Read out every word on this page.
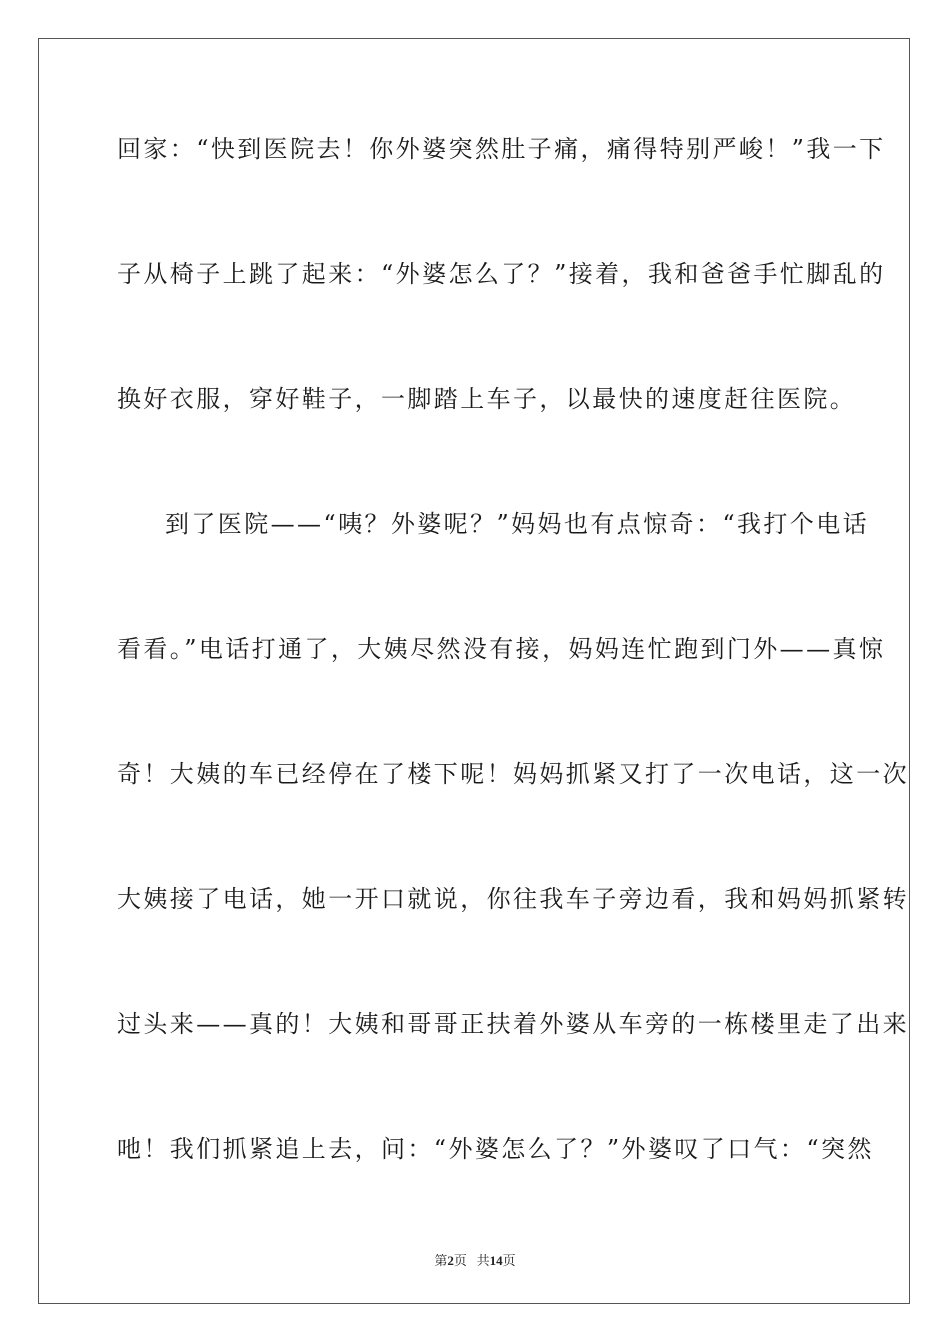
回家：“快到医院去！你外婆突然肚子痛，痛得特别严峻！”我一下
子从椅子上跳了起来：“外婆怎么了？”接着，我和爸爸手忙脚乱的
换好衣服，穿好鞋子，一脚踏上车子，以最快的速度赶往医院。
到了医院——“咦？外婆呢？”妈妈也有点惊奇：“我打个电话
看看。”电话打通了，大姨尽然没有接，妈妈连忙跑到门外——真惊
奇！大姨的车已经停在了楼下呢！妈妈抓紧又打了一次电话，这一次
大姨接了电话，她一开口就说，你往我车子旁边看，我和妈妈抓紧转
过头来——真的！大姨和哥哥正扶着外婆从车旁的一栋楼里走了出来
吔！我们抓紧追上去，问：“外婆怎么了？”外婆叹了口气：“突然
第2页 共14页
